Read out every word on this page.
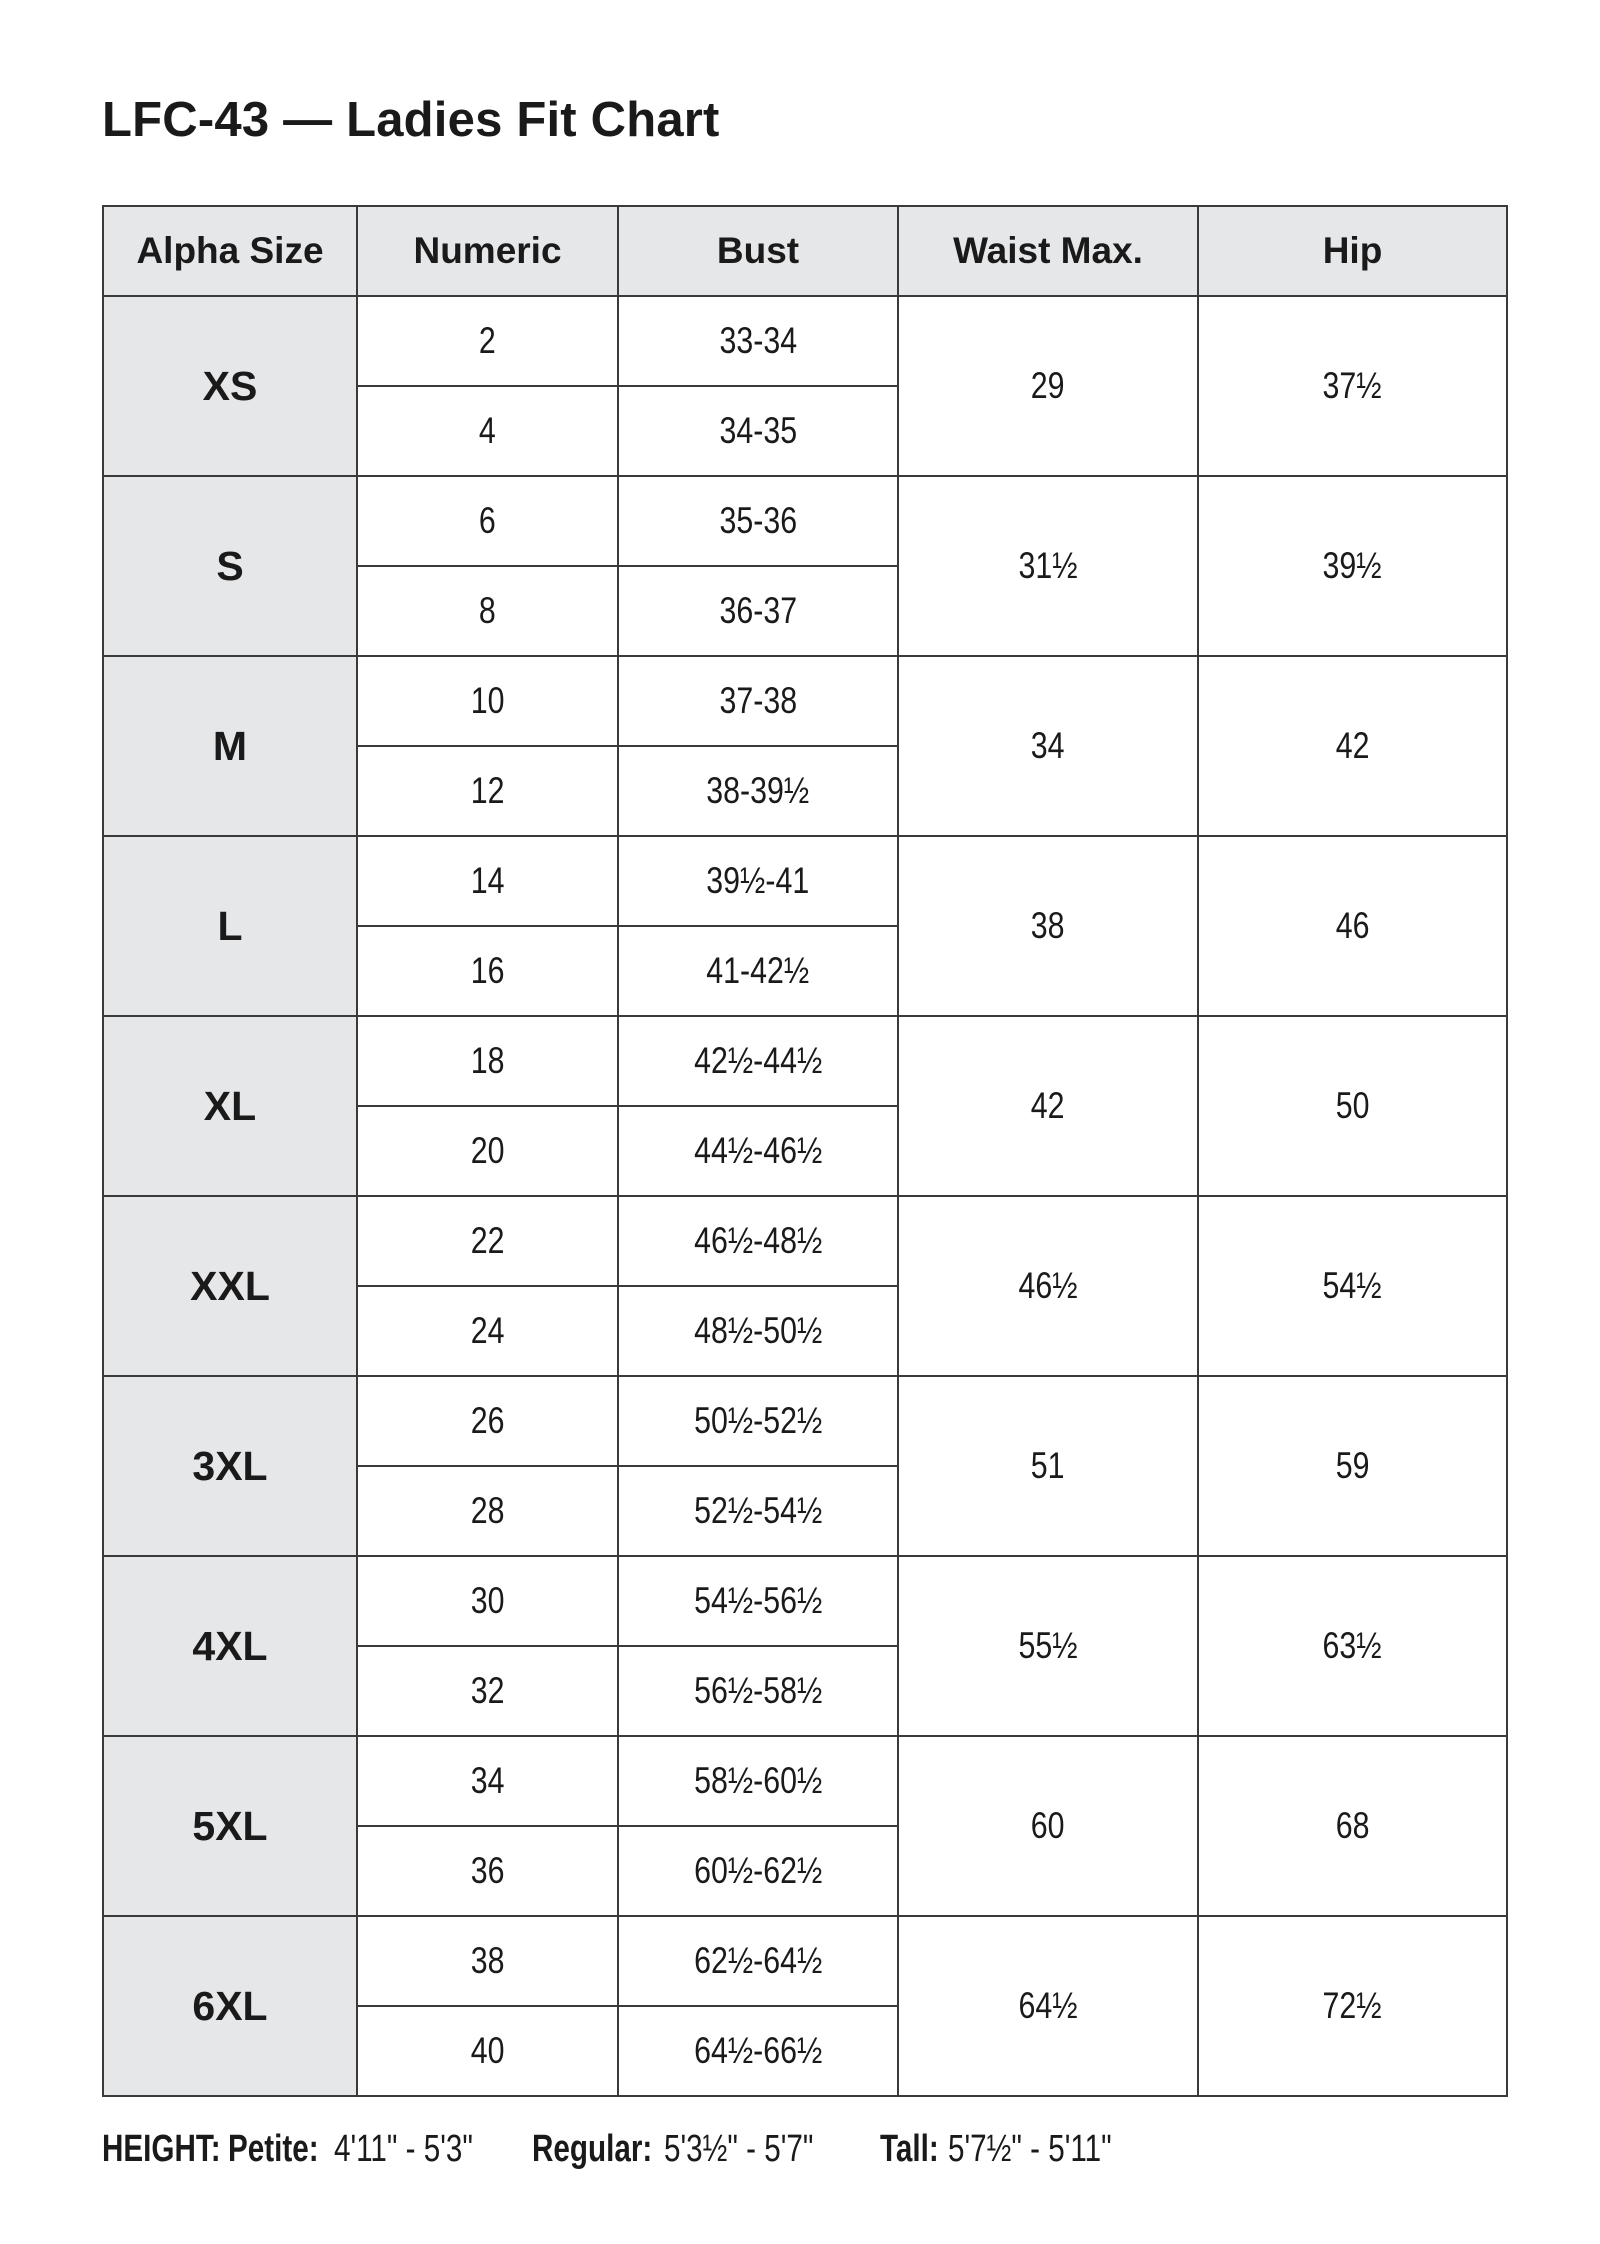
LFC-43 — Ladies Fit Chart
Alpha Size	Numeric	Bust	Waist Max.	Hip
XS	2	33-34	29	37½
	4	34-35		
S	6	35-36	31½	39½
	8	36-37		
M	10	37-38	34	42
	12	38-39½		
L	14	39½-41	38	46
	16	41-42½		
XL	18	42½-44½	42	50
	20	44½-46½		
XXL	22	46½-48½	46½	54½
	24	48½-50½		
3XL	26	50½-52½	51	59
	28	52½-54½		
4XL	30	54½-56½	55½	63½
	32	56½-58½		
5XL	34	58½-60½	60	68
	36	60½-62½		
6XL	38	62½-64½	64½	72½
	40	64½-66½		
HEIGHT: Petite: 4'11" - 5'3"	Regular: 5'3½" - 5'7"	Tall: 5'7½" - 5'11"
